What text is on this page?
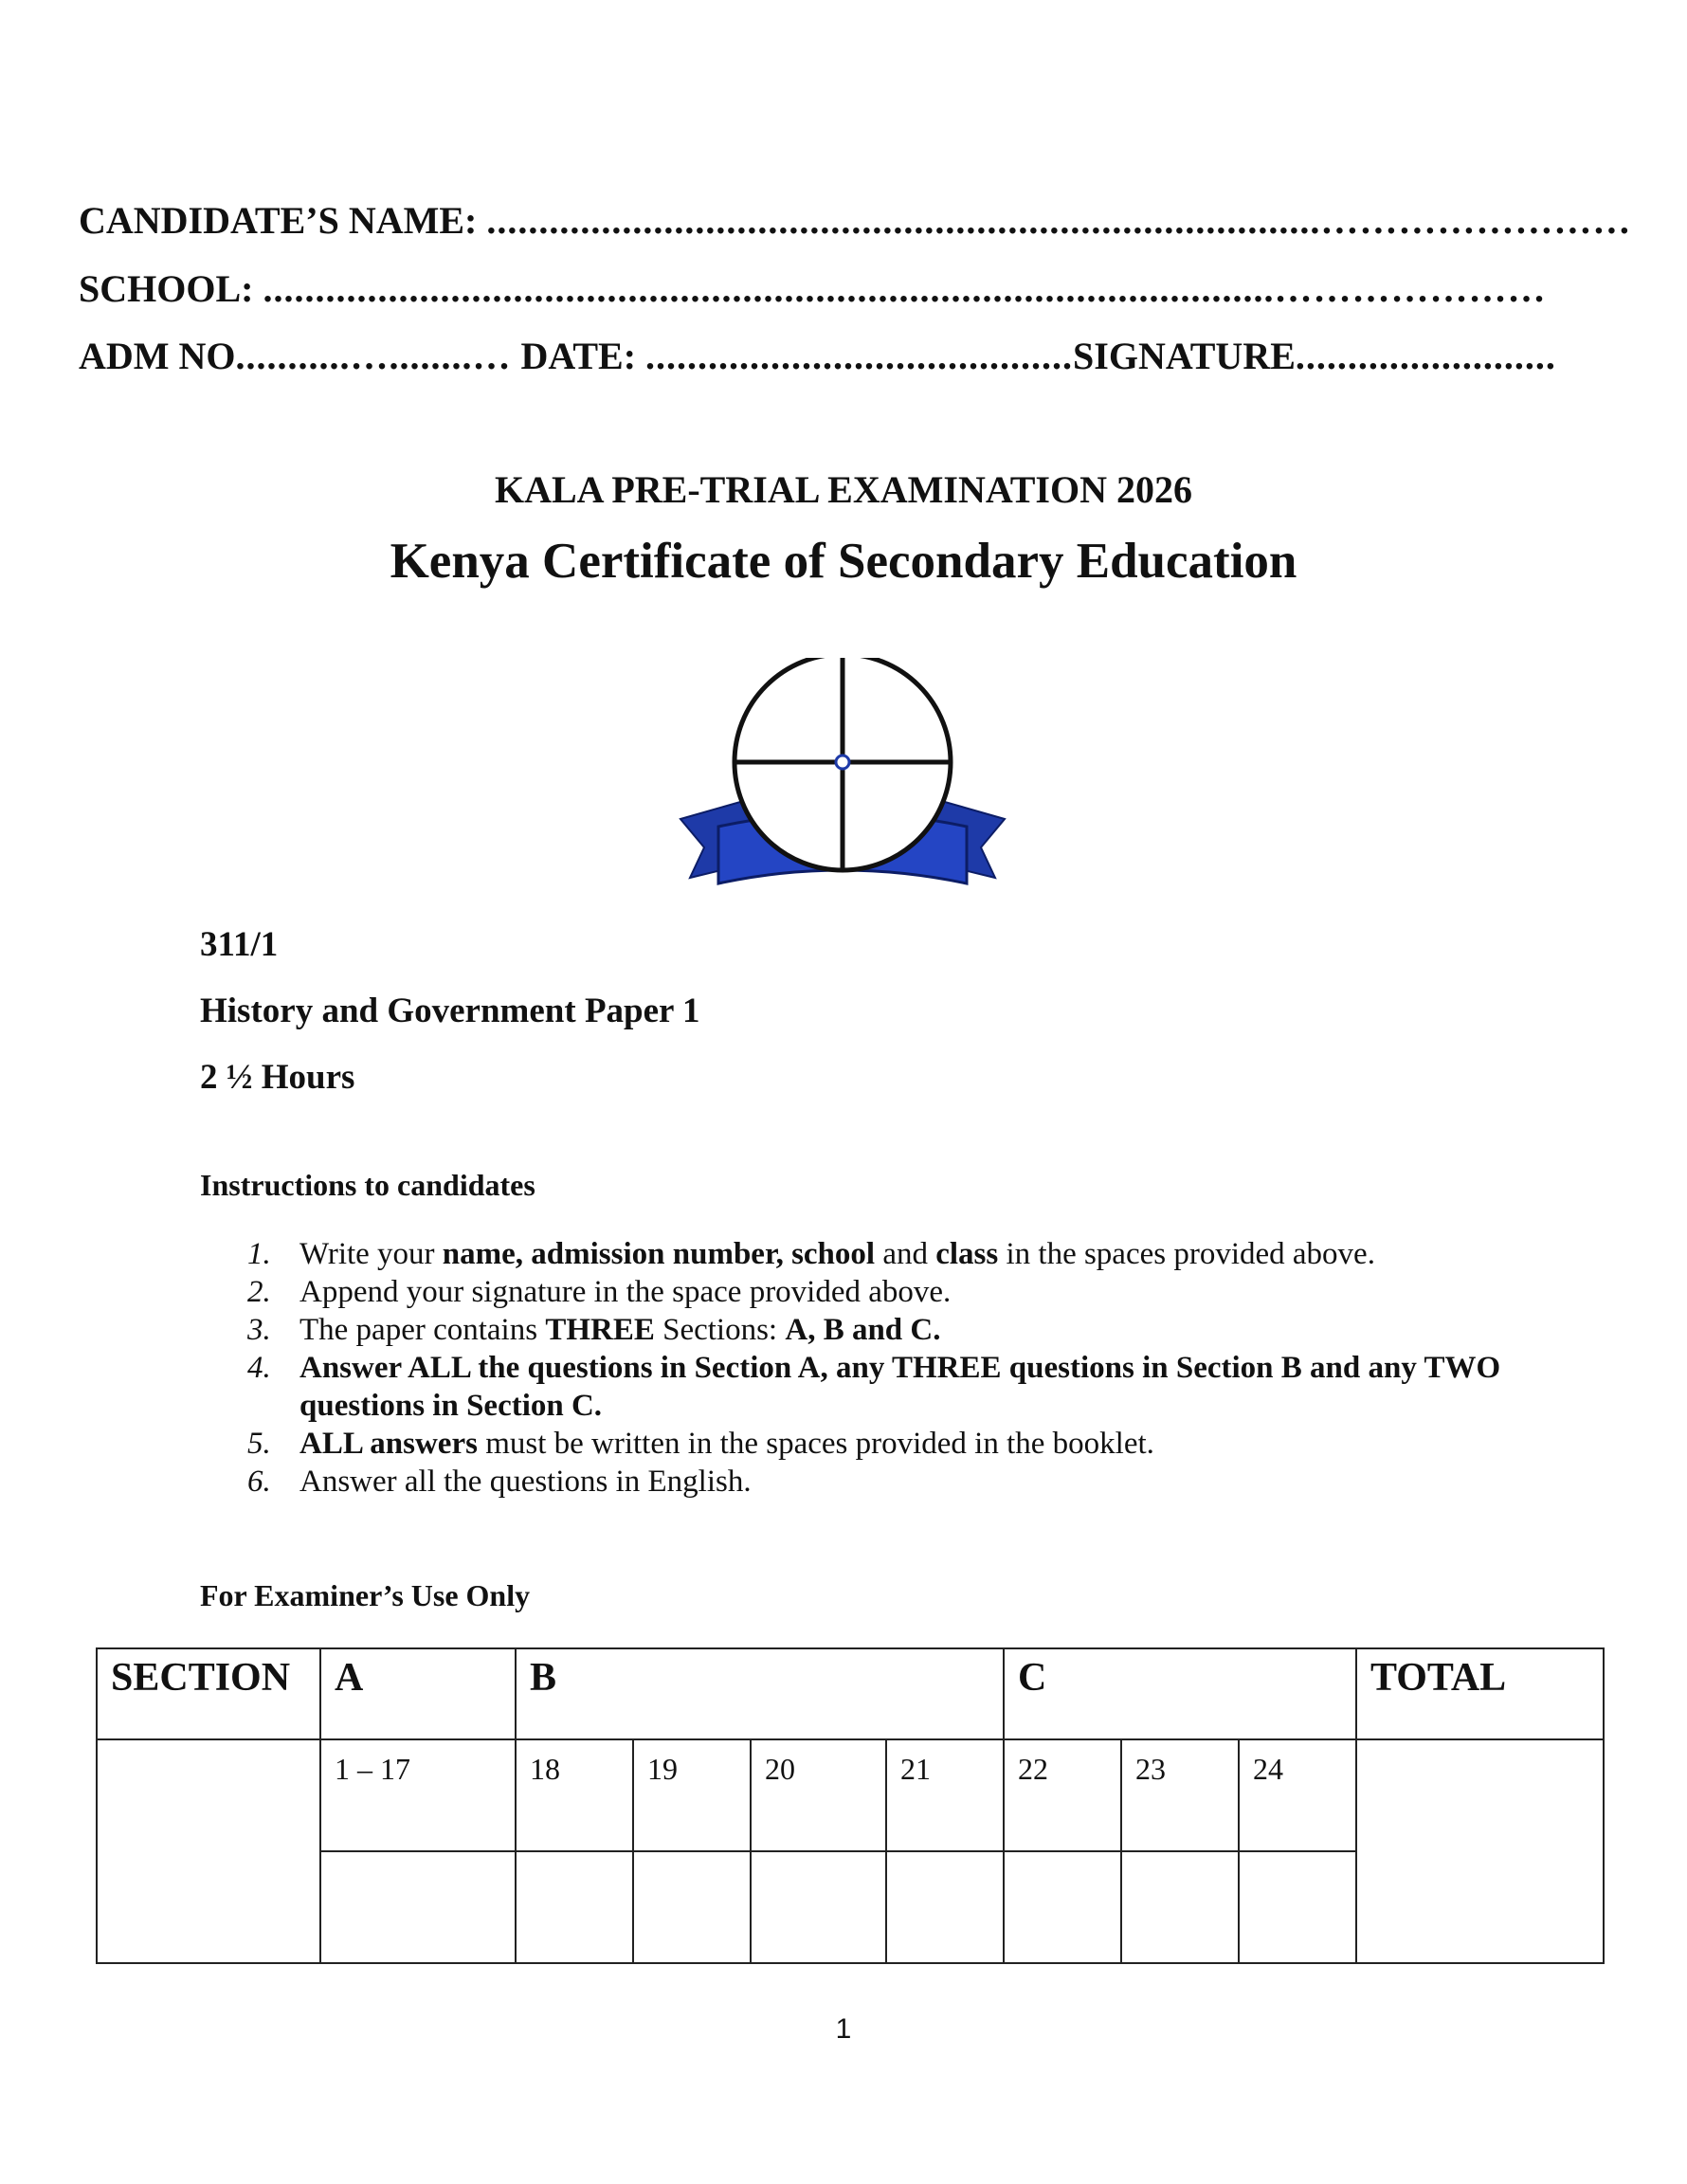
CANDIDATE’S NAME: ................................................................................……………………
SCHOOL: .................................................................................................…………………
ADM NO...........…........… DATE: .........................................SIGNATURE.........................
KALA PRE-TRIAL EXAMINATION 2026
Kenya Certificate of Secondary Education
311/1
History and Government Paper 1
2 ½ Hours
Instructions to candidates
1. Write your name, admission number, school and class in the spaces provided above.
2. Append your signature in the space provided above.
3. The paper contains THREE Sections: A, B and C.
4. Answer ALL the questions in Section A, any THREE questions in Section B and any TWO questions in Section C.
5. ALL answers must be written in the spaces provided in the booklet.
6. Answer all the questions in English.
For Examiner’s Use Only
SECTION	A	B				C			TOTAL
	1 – 17	18	19	20	21	22	23	24	

1
